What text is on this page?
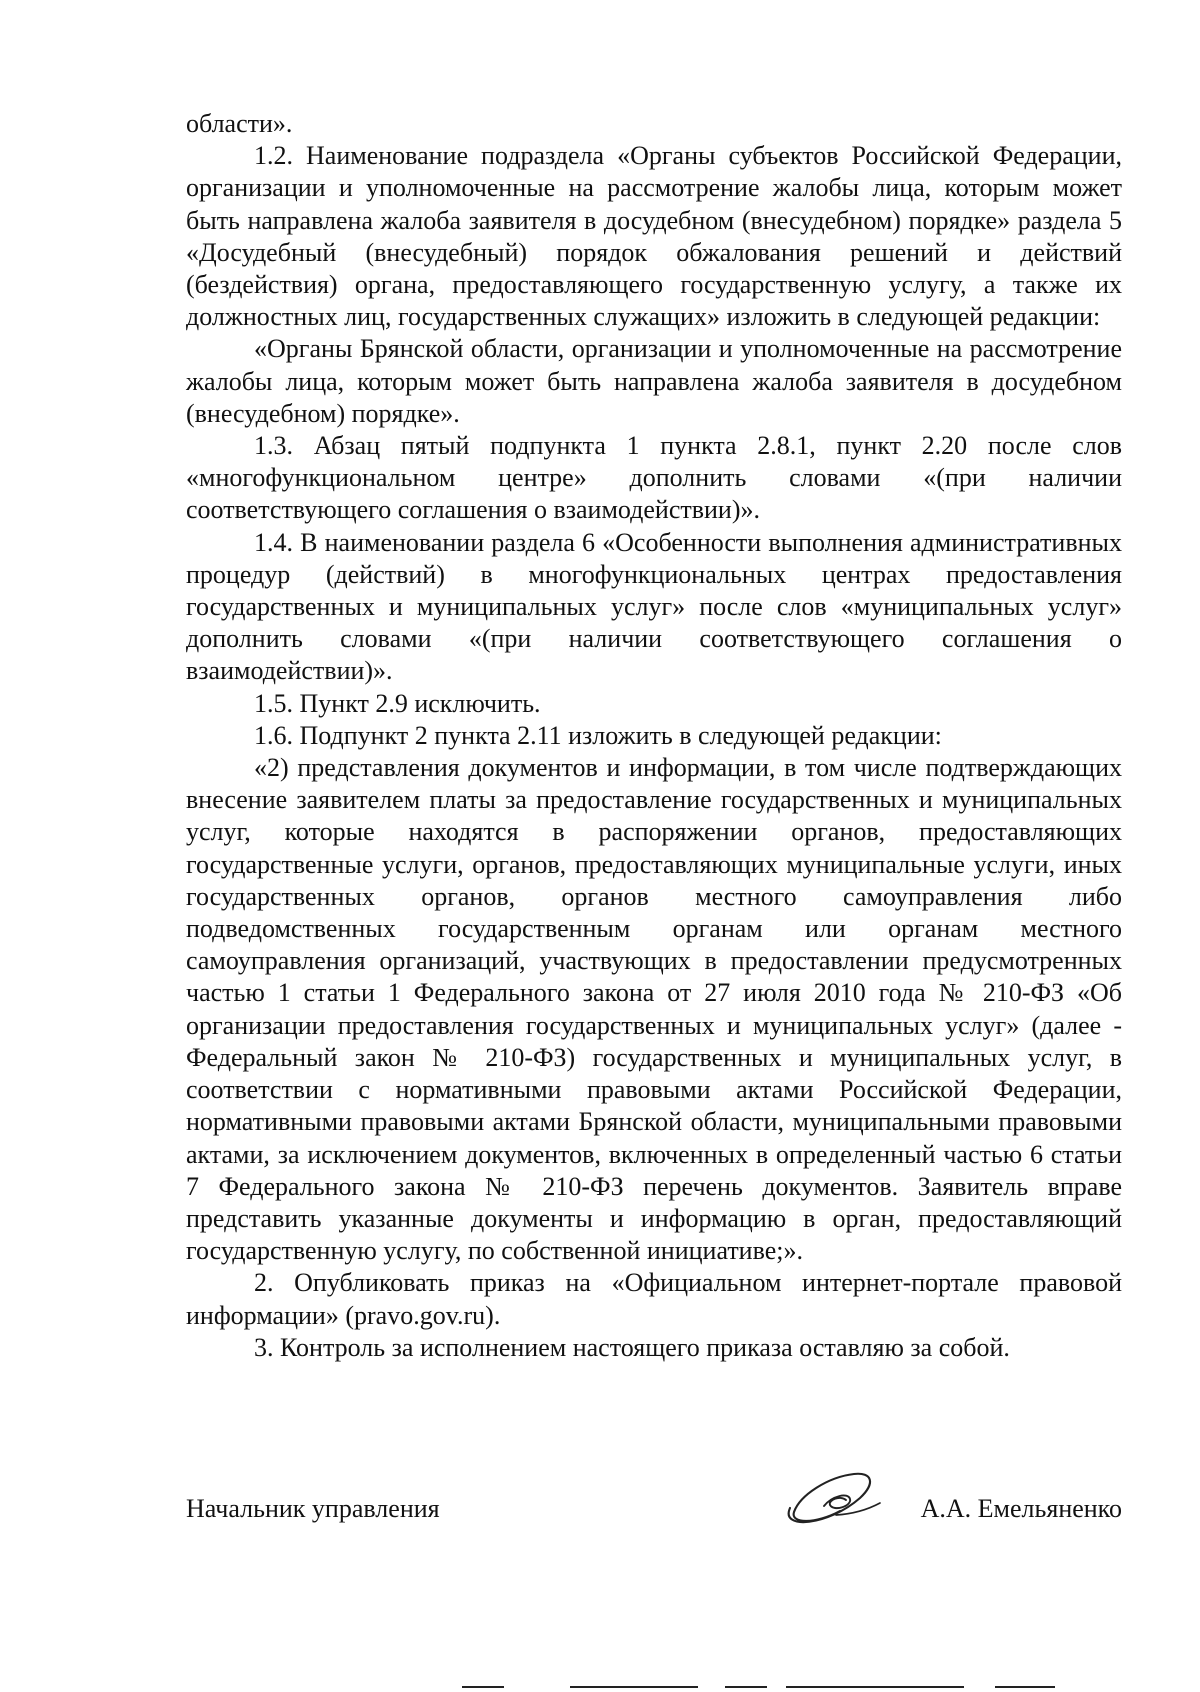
области».

1.2. Наименование подраздела «Органы субъектов Российской Федерации, организации и уполномоченные на рассмотрение жалобы лица, которым может быть направлена жалоба заявителя в досудебном (внесудебном) порядке» раздела 5 «Досудебный (внесудебный) порядок обжалования решений и действий (бездействия) органа, предоставляющего государственную услугу, а также их должностных лиц, государственных служащих» изложить в следующей редакции:

«Органы Брянской области, организации и уполномоченные на рассмотрение жалобы лица, которым может быть направлена жалоба заявителя в досудебном (внесудебном) порядке».

1.3. Абзац пятый подпункта 1 пункта 2.8.1, пункт 2.20 после слов «многофункциональном центре» дополнить словами «(при наличии соответствующего соглашения о взаимодействии)».

1.4. В наименовании раздела 6 «Особенности выполнения административных процедур (действий) в многофункциональных центрах предоставления государственных и муниципальных услуг» после слов «муниципальных услуг» дополнить словами «(при наличии соответствующего соглашения о взаимодействии)».

1.5. Пункт 2.9 исключить.

1.6. Подпункт 2 пункта 2.11 изложить в следующей редакции:

«2) представления документов и информации, в том числе подтверждающих внесение заявителем платы за предоставление государственных и муниципальных услуг, которые находятся в распоряжении органов, предоставляющих государственные услуги, органов, предоставляющих муниципальные услуги, иных государственных органов, органов местного самоуправления либо подведомственных государственным органам или органам местного самоуправления организаций, участвующих в предоставлении предусмотренных частью 1 статьи 1 Федерального закона от 27 июля 2010 года № 210-ФЗ «Об организации предоставления государственных и муниципальных услуг» (далее - Федеральный закон № 210-ФЗ) государственных и муниципальных услуг, в соответствии с нормативными правовыми актами Российской Федерации, нормативными правовыми актами Брянской области, муниципальными правовыми актами, за исключением документов, включенных в определенный частью 6 статьи 7 Федерального закона № 210-ФЗ перечень документов. Заявитель вправе представить указанные документы и информацию в орган, предоставляющий государственную услугу, по собственной инициативе;».

2. Опубликовать приказ на «Официальном интернет-портале правовой информации» (pravo.gov.ru).

3. Контроль за исполнением настоящего приказа оставляю за собой.

Начальник управления	А.А. Емельяненко
